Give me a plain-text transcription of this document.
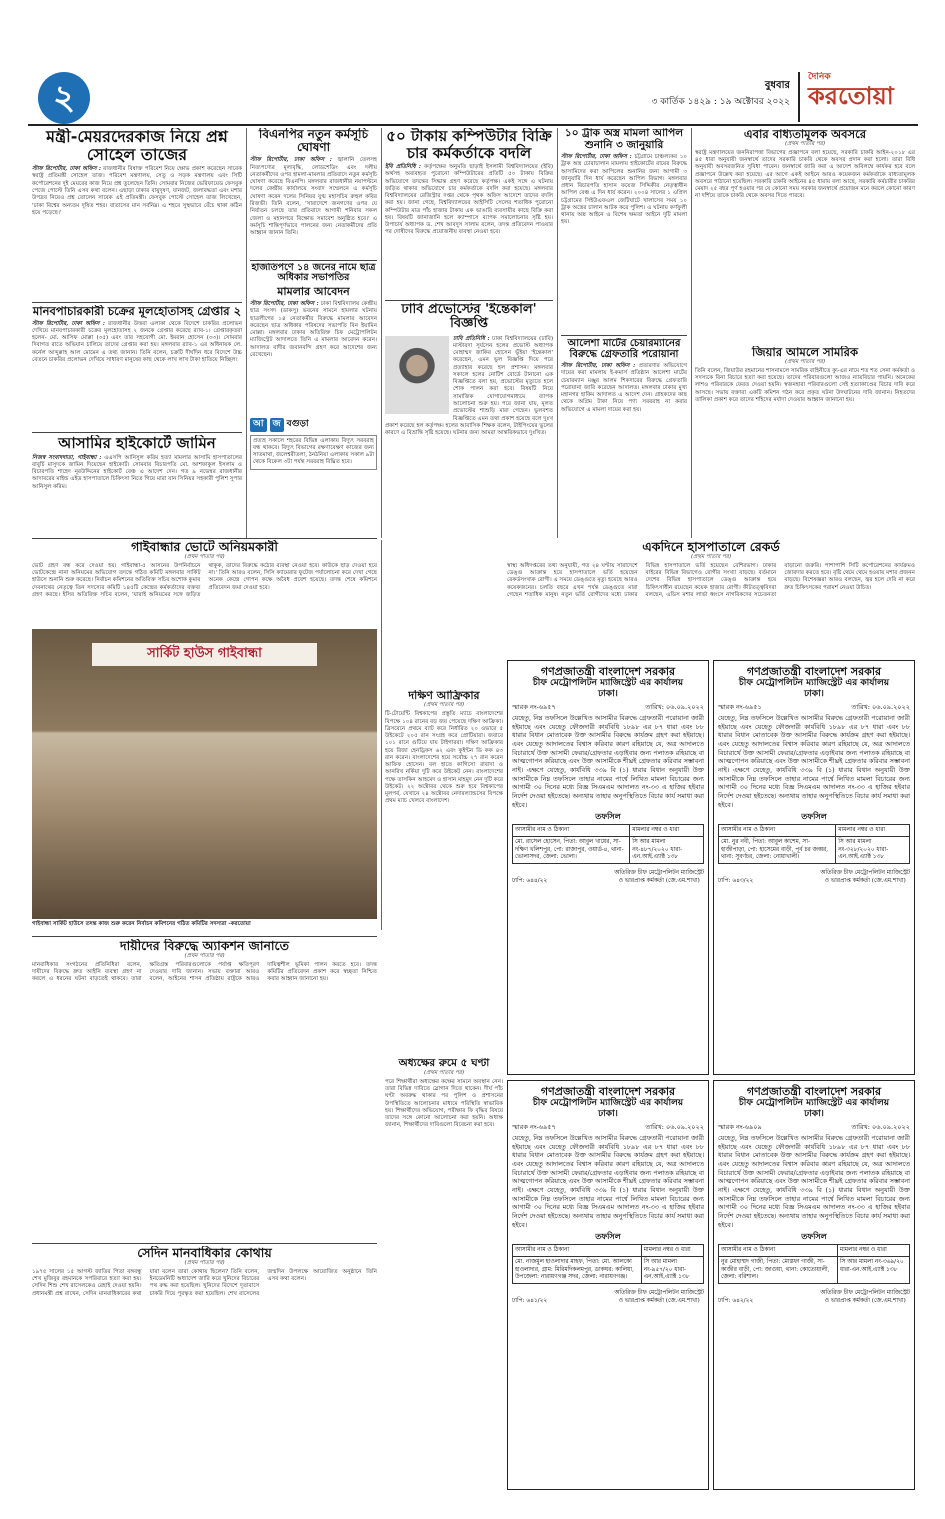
২	বুধবার
৩ কার্তিক ১৪২৯ : ১৯ অক্টোবর ২০২২
দৈনিক
করতোয়া
মন্ত্রী-মেয়রদেরকাজ নিয়ে প্রশ্ন সোহেল তাজের
স্টাফ রিপোর্টার, ঢাকা অফিস : রাজধানীর বিষাক্ত পরিবেশ নিয়ে ক্ষোভ প্রকাশ করেছেন সাবেক স্বরাষ্ট্র প্রতিমন্ত্রী সোহেল তাজ। পরিবেশ মন্ত্রণালয়, সেতু ও সড়ক মন্ত্রণালয় এবং সিটি কর্পোরেশনের দুই মেয়রের কাজ নিয়ে প্রশ্ন তুলেছেন তিনি। সোমবার নিজের ভেরিফায়েড ফেসবুক পেজে পোস্টে তিনি এসব কথা বলেন। এছাড়া ঢাকার বায়ুদূষণ, যানজট, জলাবদ্ধতা এবং মশার উপদ্রব নিয়েও প্রশ্ন তোলেন সাবেক এই প্রতিমন্ত্রী। ফেসবুক পোস্টে সোহেল তাজ লিখেছেন, 'ঢাকা বিশ্বের অন্যতম দূষিত শহর। বাতাসের মান সর্বনিম্ন। এ শহরে সুস্থভাবে বেঁচে থাকা কঠিন হয়ে পড়েছে।'
মানবপাচারকারী চক্রের মূলহোতাসহ গ্রেপ্তার ২
স্টাফ রিপোর্টার, ঢাকা অফিস : রাজধানীর উত্তরা এলাকা থেকে বিদেশে চাকরির প্রলোভন দেখিয়ে মানবপাচারকারী চক্রের মূলহোতাসহ ২ জনকে গ্রেপ্তার করেছে র‌্যাব-১। গ্রেপ্তারকৃতরা হলেন- মো. আসিফ মোল্লা (৩৫) এবং তার সহযোগী মো. ইমরান হোসেন (৩৩)। সোমবার দিবাগত রাতে অভিযান চালিয়ে তাদের গ্রেপ্তার করা হয়। মঙ্গলবার র‌্যাব-১ এর অধিনায়ক লে. কর্নেল আব্দুল্লাহ আল মোমেন এ তথ্য জানান। তিনি বলেন, চক্রটি দীর্ঘদিন ধরে বিদেশে উচ্চ বেতনে চাকরির প্রলোভন দেখিয়ে সাধারণ মানুষের কাছ থেকে লাখ লাখ টাকা হাতিয়ে নিচ্ছিল।
আসামির হাইকোর্টে জামিন
নিজস্ব সংবাদদাতা, গাইবান্ধা : এএসপি আনিসুল করিম হত্যা মামলার আসামি হাসপাতালের বাবুর্চি মাসুদকে জামিন দিয়েছেন হাইকোর্ট। সোমবার বিচারপতি মো. আশফাকুল ইসলাম ও বিচারপতি শাহেদ নূরউদ্দিনের হাইকোর্ট বেঞ্চ এ আদেশ দেন। গত ৯ নভেম্বর রাজধানীর আদাবরের মাইন্ড এইড হাসপাতালে চিকিৎসা নিতে গিয়ে মারা যান সিনিয়র সহকারী পুলিশ সুপার আনিসুল করিম।
বিএনপির নতুন কর্মসূচি ঘোষণা
স্টাফ রিপোর্টার, ঢাকা অফিস : জ্বালানি তেলসহ নিত্যপণ্যের মূল্যবৃদ্ধি, লোডশেডিং এবং দলীয় নেতাকর্মীদের ওপর হামলা-মামলার প্রতিবাদে নতুন কর্মসূচি ঘোষণা করেছে বিএনপি। মঙ্গলবার রাজধানীর নয়াপল্টনে দলের কেন্দ্রীয় কার্যালয়ে সংবাদ সম্মেলনে এ কর্মসূচি ঘোষণা করেন দলের সিনিয়র যুগ্ম মহাসচিব রুহুল কবির রিজভী। তিনি বলেন, 'সারাদেশে জনগণের ওপর যে নির্যাতন চলছে তার প্রতিবাদে আগামী শনিবার সকল জেলা ও মহানগরে বিক্ষোভ সমাবেশ অনুষ্ঠিত হবে।' এ কর্মসূচি শান্তিপূর্ণভাবে পালনের জন্য নেতাকর্মীদের প্রতি আহ্বান জানান তিনি।
হাজতিপণে ১৪ জনের নামে ছাত্র অধিকার সভাপতির
মামলার আবেদন
স্টাফ রিপোর্টার, ঢাকা অফিস : ঢাকা বিশ্ববিদ্যালয় কেন্দ্রীয় ছাত্র সংসদ (ডাকসু) ভবনের সামনে হামলার ঘটনায় ছাত্রলীগের ১৪ নেতাকর্মীর বিরুদ্ধে মামলার আবেদন করেছেন ছাত্র অধিকার পরিষদের সভাপতি বিন ইয়ামিন মোল্লা। মঙ্গলবার ঢাকার অতিরিক্ত চিফ মেট্রোপলিটন ম্যাজিস্ট্রেট আদালতে তিনি এ মামলার আবেদন করেন। আদালত বাদীর জবানবন্দি গ্রহণ করে আদেশের জন্য রেখেছেন।
আ	জ বগুড়া
প্রত্যহ সকালে শহরের বিভিন্ন এলাকায় বিদ্যুৎ সরবরাহ বন্ধ থাকবে। বিদ্যুৎ বিভাগের রক্ষণাবেক্ষণ কাজের জন্য সাতমাথা, জলেশ্বরীতলা, ঠনঠনিয়া এলাকায় সকাল ৯টা থেকে বিকেল ৩টা পর্যন্ত সরবরাহ বিঘ্নিত হবে।
৫০ টাকায় কম্পিউটার বিক্রি চার কর্মকর্তাকে বদলি
ইবি প্রতিনিধি : কর্তৃপক্ষের অনুমতি ছাড়াই ইসলামী বিশ্ববিদ্যালয়ের (ইবি) অর্থসহ অব্যবহৃত পুরোনো কম্পিউটারের প্রতিটি ৫০ টাকায় বিক্রির অভিযোগে তদন্তের সিদ্ধান্ত গ্রহণ করেছে কর্তৃপক্ষ। একই সঙ্গে এ ঘটনায় জড়িত থাকার অভিযোগে চার কর্মকর্তাকে বদলি করা হয়েছে। মঙ্গলবার বিশ্ববিদ্যালয়ের রেজিস্ট্রার দপ্তর থেকে পৃথক অফিস আদেশে তাদের বদলি করা হয়। জানা গেছে, বিশ্ববিদ্যালয়ের আইসিটি সেলের শতাধিক পুরোনো কম্পিউটার মাত্র পাঁচ হাজার টাকায় এক ভাঙারি ব্যবসায়ীর কাছে বিক্রি করা হয়। বিষয়টি জানাজানি হলে ক্যাম্পাসে ব্যাপক সমালোচনার সৃষ্টি হয়। উপাচার্য অধ্যাপক ড. শেখ আবদুস সালাম বলেন, তদন্ত প্রতিবেদন পাওয়ার পর দোষীদের বিরুদ্ধে প্রয়োজনীয় ব্যবস্থা নেওয়া হবে।
ঢাবি প্রভোস্টের 'ইন্তেকাল' বিজ্ঞপ্তি
ঢাবি প্রতিনিধি : ঢাকা বিশ্ববিদ্যালয়ের (ঢাবি) মাস্টারদা সূর্যসেন হলের প্রভোস্ট অধ্যাপক মোহাম্মদ জাকির হোসেন ভূঁইয়া 'ইন্তেকাল' করেছেন, এমন ভুল বিজ্ঞপ্তি দিয়ে পরে প্রত্যাহার করেছে হল প্রশাসন। মঙ্গলবার সকালে হলের নোটিশ বোর্ডে টানানো এক বিজ্ঞপ্তিতে বলা হয়, প্রভোস্টের মৃত্যুতে হলে শোক পালন করা হবে। বিষয়টি নিয়ে সামাজিক যোগাযোগমাধ্যমে ব্যাপক আলোচনা শুরু হয়। পরে জানা যায়, মূলত প্রভোস্টের শাশুড়ি মারা গেছেন। ভুলবশত বিজ্ঞপ্তিতে এমন তথ্য প্রকাশ হয়েছে বলে দুঃখ প্রকাশ করেছে হল কর্তৃপক্ষ। হলের আবাসিক শিক্ষক বলেন, টাইপিংয়ের ভুলের কারণে এ বিভ্রান্তি সৃষ্টি হয়েছে। ঘটনার জন্য আমরা আন্তরিকভাবে দুঃখিত।
১০ ট্রাক অস্ত্র মামলা আপিল শুনানি ৩ জানুয়ারি
স্টাফ রিপোর্টার, ঢাকা অফিস : চট্টগ্রামে চাঞ্চল্যকর ১০ ট্রাক অস্ত্র চোরাচালান মামলায় হাইকোর্টের রায়ের বিরুদ্ধে আসামিদের করা আপিলের শুনানির জন্য আগামী ৩ জানুয়ারি দিন ধার্য করেছেন আপিল বিভাগ। মঙ্গলবার প্রধান বিচারপতি হাসান ফয়েজ সিদ্দিকীর নেতৃত্বাধীন আপিল বেঞ্চ এ দিন ধার্য করেন। ২০০৪ সালের ১ এপ্রিল চট্টগ্রামের সিইউএফএল জেটিঘাটে খালাসের সময় ১০ ট্রাক অস্ত্রের চালান আটক করে পুলিশ। এ ঘটনায় কর্ণফুলী থানায় অস্ত্র আইনে ও বিশেষ ক্ষমতা আইনে দুটি মামলা হয়।
আলেশা মার্টের চেয়ারম্যানের বিরুদ্ধে গ্রেফতারি পরোয়ানা
স্টাফ রিপোর্টার, ঢাকা অফিস : প্রতারণার অভিযোগে দায়ের করা মামলায় ই-কমার্স প্রতিষ্ঠান আলেশা মার্টের চেয়ারম্যান মঞ্জুর আলম শিকদারের বিরুদ্ধে গ্রেফতারি পরোয়ানা জারি করেছেন আদালত। মঙ্গলবার ঢাকার মুখ্য মহানগর হাকিম আদালত এ আদেশ দেন। গ্রাহকদের কাছ থেকে অগ্রিম টাকা নিয়ে পণ্য সরবরাহ না করার অভিযোগে এ মামলা দায়ের করা হয়।
এবার বাধ্যতামূলক অবসরে
(প্রথম পাতার পর)
স্বরাষ্ট্র মন্ত্রণালয়ের জননিরাপত্তা বিভাগের প্রজ্ঞাপনে বলা হয়েছে, সরকারি চাকরি আইন-২০১৮ এর ৪৫ ধারা অনুযায়ী জনস্বার্থে তাদের সরকারি চাকরি থেকে অবসর প্রদান করা হলো। তারা বিধি অনুযায়ী অবসরজনিত সুবিধা পাবেন। জনস্বার্থে জারি করা এ আদেশ অবিলম্বে কার্যকর হবে বলে প্রজ্ঞাপনে উল্লেখ করা হয়েছে। এর আগে একই আইনে আরও কয়েকজন কর্মকর্তাকে বাধ্যতামূলক অবসরে পাঠানো হয়েছিল। সরকারি চাকরি আইনের ৪৫ ধারায় বলা আছে, সরকারি কর্মচারীর চাকরির মেয়াদ ২৫ বছর পূর্ণ হওয়ার পর যে কোনো সময় সরকার জনস্বার্থে প্রয়োজন মনে করলে কোনো কারণ না দর্শিয়ে তাকে চাকরি থেকে অবসর দিতে পারবে।
জিয়ার আমলে সামরিক
(প্রথম পাতার পর)
তিনি বলেন, জিয়াউর রহমানের শাসনামলে সামরিক বাহিনীতে ক্যু-এর নামে শত শত সেনা কর্মকর্তা ও সদস্যকে বিনা বিচারে হত্যা করা হয়েছে। তাদের পরিবারগুলো আজও ন্যায়বিচার পায়নি। অনেকের লাশও পরিবারকে ফেরত দেওয়া হয়নি। স্বজনহারা পরিবারগুলো সেই হত্যাকাণ্ডের বিচার দাবি করে আসছে। সভায় বক্তারা একটি কমিশন গঠন করে প্রকৃত ঘটনা উদঘাটনের দাবি জানান। নিহতদের তালিকা প্রকাশ করে তাদের শহিদের মর্যাদা দেওয়ার আহ্বান জানানো হয়।
একদিনে হাসপাতালে রেকর্ড
(প্রথম পাতার পর)
স্বাস্থ্য অধিদপ্তরের তথ্য অনুযায়ী, গত ২৪ ঘণ্টায় সারাদেশে ডেঙ্গু আক্রান্ত হয়ে হাসপাতালে ভর্তি হয়েছেন রেকর্ডসংখ্যক রোগী। এ সময়ে ডেঙ্গুতে মৃত্যু হয়েছে আরও কয়েকজনের। চলতি বছরে এখন পর্যন্ত ডেঙ্গুতে মারা গেছেন শতাধিক মানুষ। নতুন ভর্তি রোগীদের মধ্যে ঢাকার বিভিন্ন হাসপাতালে ভর্তি হয়েছেন বেশিরভাগ। ঢাকার বাইরের বিভিন্ন বিভাগেও রোগীর সংখ্যা বাড়ছে। বর্তমানে দেশের বিভিন্ন হাসপাতালে ডেঙ্গু আক্রান্ত হয়ে চিকিৎসাধীন রয়েছেন কয়েক হাজার রোগী। কীটতত্ত্ববিদরা বলছেন, এডিস মশার লার্ভা ধ্বংসে নাগরিকদের সচেতনতা বাড়ানো জরুরি। পাশাপাশি সিটি কর্পোরেশনের কার্যক্রমও জোরদার করতে হবে। বৃষ্টি থেমে থেমে হওয়ায় মশার প্রজনন বাড়ছে। বিশেষজ্ঞরা আরও বলছেন, জ্বর হলে দেরি না করে দ্রুত চিকিৎসকের পরামর্শ নেওয়া উচিত।
গাইবান্ধার ভোটে অনিয়মকারী
(প্রথম পাতার পর)
ভোট গ্রহণ বন্ধ করে দেওয়া হয়। গাইবান্ধা-৫ আসনের উপনির্বাচনে ভোটকেন্দ্রে নানা অনিয়মের অভিযোগ তদন্তে গঠিত কমিটি মঙ্গলবার সার্কিট হাউসে শুনানি শুরু করেছে। নির্বাচন কমিশনের অতিরিক্ত সচিব অশোক কুমার দেবনাথের নেতৃত্বে তিন সদস্যের কমিটি ১৪৫টি কেন্দ্রের কর্মকর্তাদের বক্তব্য গ্রহণ করছে। ইসির অতিরিক্ত সচিব বলেন, 'যারাই অনিয়মের সঙ্গে জড়িত থাকুক, তাদের বিরুদ্ধে কঠোর ব্যবস্থা নেওয়া হবে। কাউকে ছাড় দেওয়া হবে না।' তিনি আরও বলেন, সিসি ক্যামেরার ফুটেজ পর্যালোচনা করে দেখা গেছে অনেক কেন্দ্রে গোপন কক্ষে অবৈধ প্রবেশ হয়েছে। তদন্ত শেষে কমিশনে প্রতিবেদন জমা দেওয়া হবে।
সার্কিট হাউস গাইবান্ধা
গাইবান্ধা সার্কিট হাউসে তদন্ত কাজ শুরু করেন নির্বাচন কমিশনের গঠিত কমিটির সদস্যরা -করতোয়া
দক্ষিণ আফ্রিকার
(প্রথম পাতার পর)
টি-টোয়েন্টি বিশ্বকাপের প্রস্তুতি ম্যাচে বাংলাদেশের বিপক্ষে ১০৪ রানের বড় জয় পেয়েছে দক্ষিণ আফ্রিকা। ব্রিসবেনে প্রথমে ব্যাট করে নির্ধারিত ২০ ওভারে ৫ উইকেটে ২০৫ রান সংগ্রহ করে প্রোটিয়ারা। জবাবে ১০১ রানে গুটিয়ে যায় টাইগাররা। দক্ষিণ আফ্রিকার হয়ে রিজা হেনড্রিকস ৬২ এবং কুইন্টন ডি কক ৪৩ রান করেন। বাংলাদেশের হয়ে সর্বোচ্চ ২৭ রান করেন আফিফ হোসেন। বল হাতে কাগিসো রাবাদা ও আনরিখ নর্কিয়া দুটি করে উইকেট নেন। বাংলাদেশের পক্ষে তাসকিন আহমেদ ও হাসান মাহমুদ নেন দুটি করে উইকেট। ২২ অক্টোবর থেকে শুরু হবে বিশ্বকাপের মূলপর্ব, যেখানে ২৪ অক্টোবর নেদারল্যান্ডসের বিপক্ষে প্রথম ম্যাচ খেলবে বাংলাদেশ।
অধ্যক্ষের রুমে ৫ ঘণ্টা
(প্রথম পাতার পর)
পরে শিক্ষার্থীরা অধ্যক্ষের কক্ষের সামনে অবস্থান নেন। তারা বিভিন্ন দাবিতে স্লোগান দিতে থাকেন। দীর্ঘ পাঁচ ঘণ্টা অবরুদ্ধ থাকার পর পুলিশ ও প্রশাসনের উপস্থিতিতে আলোচনার মাধ্যমে পরিস্থিতি স্বাভাবিক হয়। শিক্ষার্থীদের অভিযোগ, পরীক্ষার ফি বৃদ্ধির বিষয়ে তাদের সঙ্গে কোনো আলোচনা করা হয়নি। অধ্যক্ষ জানান, শিক্ষার্থীদের দাবিগুলো বিবেচনা করা হবে।
দায়ীদের বিরুদ্ধে অ্যাকশন জানাতে
(প্রথম পাতার পর)
মানবাধিকার সংগঠনের প্রতিনিধিরা বলেন, দায়ীদের বিরুদ্ধে দ্রুত আইনি ব্যবস্থা গ্রহণ না করলে এ ধরনের ঘটনা বাড়তেই থাকবে। তারা ক্ষতিগ্রস্ত পরিবারগুলোকে পর্যাপ্ত ক্ষতিপূরণ দেওয়ার দাবি জানান। সভায় বক্তারা আরও বলেন, আইনের শাসন প্রতিষ্ঠায় রাষ্ট্রকে আরও দায়িত্বশীল ভূমিকা পালন করতে হবে। তদন্ত কমিটির প্রতিবেদন প্রকাশ করে স্বচ্ছতা নিশ্চিত করার আহ্বান জানানো হয়।
সেদিন মানবাধিকার কোথায়
(প্রথম পাতার পর)
১৯৭৫ সালের ১৫ আগস্ট জাতির পিতা বঙ্গবন্ধু শেখ মুজিবুর রহমানকে সপরিবারে হত্যা করা হয়। সেদিন শিশু শেখ রাসেলকেও রেহাই দেওয়া হয়নি। প্রধানমন্ত্রী প্রশ্ন রাখেন, সেদিন মানবাধিকারের কথা যারা বলেন তারা কোথায় ছিলেন? তিনি বলেন, ইনডেমনিটি অধ্যাদেশ জারি করে খুনিদের বিচারের পথ রুদ্ধ করা হয়েছিল। খুনিদের বিদেশে দূতাবাসে চাকরি দিয়ে পুরস্কৃত করা হয়েছিল। শেখ রাসেলের জন্মদিন উপলক্ষে আয়োজিত অনুষ্ঠানে তিনি এসব কথা বলেন।
গণপ্রজাতন্ত্রী বাংলাদেশ সরকার
চীফ মেট্রোপলিটন ম্যাজিস্ট্রেট এর কার্যালয়
ঢাকা।
স্মারক নং-৬৯৫৭	তারিখ: ০৬.০৯.২০২২
যেহেতু, নিম্ন তফসিলে উল্লেখিত আসামীর বিরুদ্ধে গ্রেফতারী পরোয়ানা জারী হইয়াছে এবং যেহেতু ফৌজদারী কার্যবিধি ১৮৯৮ এর ৮৭ ধারা এবং ৮৮ ধারার বিধান মোতাবেক উক্ত আসামীর বিরুদ্ধে কার্যক্রম গ্রহণ করা হইয়াছে। এবং যেহেতু আদালতের বিশ্বাস করিবার কারণ রহিয়াছে যে, অত্র আদালতে বিচারার্থে উক্ত আসামী ফেরার/গ্রেফতার এড়াইবার জন্য পলাতক রহিয়াছে বা আত্মগোপন করিয়াছে এবং উক্ত আসামীকে শীঘ্রই গ্রেফতার করিবার সম্ভাবনা নাই। এক্ষণে যেহেতু, কার্যবিধি ৩৩৯ বি (১) ধারার বিধান অনুযায়ী উক্ত আসামীকে নিম্ন তফসিলে তাহার নামের পার্শ্বে লিখিত মামলা বিচারের জন্য আগামী ৩০ দিনের মধ্যে বিজ্ঞ সিএমএম আদালত নং-৩৩ এ হাজির হইবার নির্দেশ দেওয়া হইতেছে। অন্যথায় তাহার অনুপস্থিতিতে বিচার কার্য সমাধা করা হইবে।
তফসিল
আসামীর নাম ও ঠিকানা	মামলার নম্বর ও ধারা
মো. রাসেল হোসেন, পিতা: আবুল খায়ের, সা-দক্ষিণ খলিশপুর, পো: রাজাপুর, ওয়ার্ড-৪, থানা-ভোলাসদর, জেলা: ভোলা।	সি আর মামলা নং-৪৮৭/২০২০ ধারা-এন.আই.এ্যাক্ট ১৩৮
ঢাপি: ৬৪৪/২২
অতিরিক্ত চীফ মেট্রোপলিটন ম্যাজিস্ট্রেট
ও ভারপ্রাপ্ত কর্মকর্তা (জে.এম.শাখা)
গণপ্রজাতন্ত্রী বাংলাদেশ সরকার
চীফ মেট্রোপলিটন ম্যাজিস্ট্রেট এর কার্যালয়
ঢাকা।
স্মারক নং-৬৯৫১	তারিখ: ০৬.০৯.২০২২
যেহেতু, নিম্ন তফসিলে উল্লেখিত আসামীর বিরুদ্ধে গ্রেফতারী পরোয়ানা জারী হইয়াছে এবং যেহেতু ফৌজদারী কার্যবিধি ১৮৯৮ এর ৮৭ ধারা এবং ৮৮ ধারার বিধান মোতাবেক উক্ত আসামীর বিরুদ্ধে কার্যক্রম গ্রহণ করা হইয়াছে। এবং যেহেতু আদালতের বিশ্বাস করিবার কারণ রহিয়াছে যে, অত্র আদালতে বিচারার্থে উক্ত আসামী ফেরার/গ্রেফতার এড়াইবার জন্য পলাতক রহিয়াছে বা আত্মগোপন করিয়াছে এবং উক্ত আসামীকে শীঘ্রই গ্রেফতার করিবার সম্ভাবনা নাই। এক্ষণে যেহেতু, কার্যবিধি ৩৩৯ বি (১) ধারার বিধান অনুযায়ী উক্ত আসামীকে নিম্ন তফসিলে তাহার নামের পার্শ্বে লিখিত মামলা বিচারের জন্য আগামী ৩০ দিনের মধ্যে বিজ্ঞ সিএমএম আদালত নং-৩৩ এ হাজির হইবার নির্দেশ দেওয়া হইতেছে। অন্যথায় তাহার অনুপস্থিতিতে বিচার কার্য সমাধা করা হইবে।
তফসিল
আসামীর নাম ও ঠিকানা	মামলার নম্বর ও ধারা
মো. নুর নবী, পিতা: আবুল কাশেম, সা-হাজীপাড়া, পো: হাসেমের বাড়ী, পূর্ব চর জব্বর, থানা: সুবর্ণচর, জেলা: নোয়াখালী।	সি আর মামলা নং-৩২৮/২০২০ ধারা-এন.আই.এ্যাক্ট ১৩৮
ঢাপি: ৬৪৩/২২
অতিরিক্ত চীফ মেট্রোপলিটন ম্যাজিস্ট্রেট
ও ভারপ্রাপ্ত কর্মকর্তা (জে.এম.শাখা)
গণপ্রজাতন্ত্রী বাংলাদেশ সরকার
চীফ মেট্রোপলিটন ম্যাজিস্ট্রেট এর কার্যালয়
ঢাকা।
স্মারক নং-৬৯৫৭	তারিখ: ০৬.০৯.২০২২
যেহেতু, নিম্ন তফসিলে উল্লেখিত আসামীর বিরুদ্ধে গ্রেফতারী পরোয়ানা জারী হইয়াছে এবং যেহেতু ফৌজদারী কার্যবিধি ১৮৯৮ এর ৮৭ ধারা এবং ৮৮ ধারার বিধান মোতাবেক উক্ত আসামীর বিরুদ্ধে কার্যক্রম গ্রহণ করা হইয়াছে। এবং যেহেতু আদালতের বিশ্বাস করিবার কারণ রহিয়াছে যে, অত্র আদালতে বিচারার্থে উক্ত আসামী ফেরার/গ্রেফতার এড়াইবার জন্য পলাতক রহিয়াছে বা আত্মগোপন করিয়াছে এবং উক্ত আসামীকে শীঘ্রই গ্রেফতার করিবার সম্ভাবনা নাই। এক্ষণে যেহেতু, কার্যবিধি ৩৩৯ বি (১) ধারার বিধান অনুযায়ী উক্ত আসামীকে নিম্ন তফসিলে তাহার নামের পার্শ্বে লিখিত মামলা বিচারের জন্য আগামী ৩০ দিনের মধ্যে বিজ্ঞ সিএমএম আদালত নং-৩৩ এ হাজির হইবার নির্দেশ দেওয়া হইতেছে। অন্যথায় তাহার অনুপস্থিতিতে বিচার কার্য সমাধা করা হইবে।
তফসিল
আসামীর নাম ও ঠিকানা	মামলার নম্বর ও ধারা
মো. নাজমুল হাওলাদার মাহফ, পিতা: মো. আলকো হাওলাদার, গ্রাম: মিরিমদিকলমপুর, ডাকঘর: কালিয়া, উপজেলা: নারায়ণগঞ্জ সদর, জেলা: নারায়ণগঞ্জ।	সি আর মামলা নং-৯৫৭/২০ ধারা-এন.আই.এ্যাক্ট ১৩৮
ঢাপি: ৬৪১/২২
অতিরিক্ত চীফ মেট্রোপলিটন ম্যাজিস্ট্রেট
ও ভারপ্রাপ্ত কর্মকর্তা (জে.এম.শাখা)
গণপ্রজাতন্ত্রী বাংলাদেশ সরকার
চীফ মেট্রোপলিটন ম্যাজিস্ট্রেট এর কার্যালয়
ঢাকা।
স্মারক নং-৬৯০৯	তারিখ: ০৬.০৯.২০২২
যেহেতু, নিম্ন তফসিলে উল্লেখিত আসামীর বিরুদ্ধে গ্রেফতারী পরোয়ানা জারী হইয়াছে এবং যেহেতু ফৌজদারী কার্যবিধি ১৮৯৮ এর ৮৭ ধারা এবং ৮৮ ধারার বিধান মোতাবেক উক্ত আসামীর বিরুদ্ধে কার্যক্রম গ্রহণ করা হইয়াছে। এবং যেহেতু আদালতের বিশ্বাস করিবার কারণ রহিয়াছে যে, অত্র আদালতে বিচারার্থে উক্ত আসামী ফেরার/গ্রেফতার এড়াইবার জন্য পলাতক রহিয়াছে বা আত্মগোপন করিয়াছে এবং উক্ত আসামীকে শীঘ্রই গ্রেফতার করিবার সম্ভাবনা নাই। এক্ষণে যেহেতু, কার্যবিধি ৩৩৯ বি (১) ধারার বিধান অনুযায়ী উক্ত আসামীকে নিম্ন তফসিলে তাহার নামের পার্শ্বে লিখিত মামলা বিচারের জন্য আগামী ৩০ দিনের মধ্যে বিজ্ঞ সিএমএম আদালত নং-৩৩ এ হাজির হইবার নির্দেশ দেওয়া হইতেছে। অন্যথায় তাহার অনুপস্থিতিতে বিচার কার্য সমাধা করা হইবে।
তফসিল
আসামীর নাম ও ঠিকানা	মামলার নম্বর ও ধারা
নুর মোহাম্মদ গাজী, পিতা: মোস্তফা গাজী, সা-কাজীর বাড়ী, পো: জাগুয়া, থানা: কোতোয়ালী, জেলা: বরিশাল।	সি আর মামলা নং-৩৬৯/২০ ধারা-এন.আই.এ্যাক্ট ১৩৮
ঢাপি: ৬৪২/২২
অতিরিক্ত চীফ মেট্রোপলিটন ম্যাজিস্ট্রেট
ও ভারপ্রাপ্ত কর্মকর্তা (জে.এম.শাখা)
